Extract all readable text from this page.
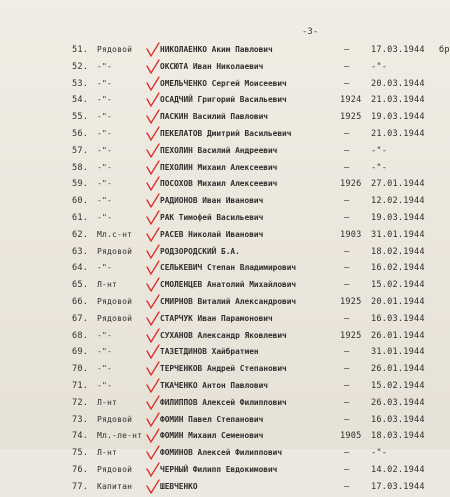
-3-
51. Рядовой	НИКОЛАЕНКО Аким Павлович	–	17.03.1944 бр
52. -"-	ОКСЮТА Иван Николаевич	–	-"-
53. -"-	ОМЕЛЬЧЕНКО Сергей Моисеевич	–	20.03.1944
54. -"-	ОСАДЧИЙ Григорий Васильевич	1924 21.03.1944
55. -"-	ПАСКИН Василий Павлович	1925 19.03.1944
56. -"-	ПЕКЕЛАТОВ Дмитрий Васильевич	–	21.03.1944
57. -"-	ПЕХОЛИН Василий Андреевич	–	-"-
58. -"-	ПЕХОЛИН Михаил Алексеевич	–	-"-
59. -"-	ПОСОХОВ Михаил Алексеевич	1926 27.01.1944
60. -"-	РАДИОНОВ Иван Иванович	–	12.02.1944
61. -"-	РАК Тимофей Васильевич	–	19.03.1944
62. Мл.с-нт	РАСЕВ Николай Иванович	1903 31.01.1944
63. Рядовой	РОДЗОРОДСКИЙ Б.А.	–	18.02.1944
64. -"-	СЕЛЬКЕВИЧ Степан Владимирович	–	16.02.1944
65. Л-нт	СМОЛЕНЦЕВ Анатолий Михайлович	–	15.02.1944
66. Рядовой	СМИРНОВ Виталий Александрович	1925 20.01.1944
67. Рядовой	СТАРЧУК Иван Парамонович	–	16.03.1944
68. -"-	СУХАНОВ Александр Яковлевич	1925 26.01.1944
69. -"-	ТАЗЕТДИНОВ Хайбратмен	–	31.01.1944
70. -"-	ТЕРЧЕНКОВ Андрей Степанович	–	26.01.1944
71. -"-	ТКАЧЕНКО Антон Павлович	–	15.02.1944
72. Л-нт	ФИЛИППОВ Алексей Филиппович	–	26.03.1944
73. Рядовой	ФОМИН Павел Степанович	–	16.03.1944
74. Мл.-ле-нт ФОМИН Михаил Семенович	1905 18.03.1944
75. Л-нт	ФОМИНОВ Алексей Филиппович	–	-"-
76. Рядовой	ЧЕРНЫЙ Филипп Евдокимович	–	14.02.1944
77. Капитан	ШЕВЧЕНКО	–	17.03.1944
